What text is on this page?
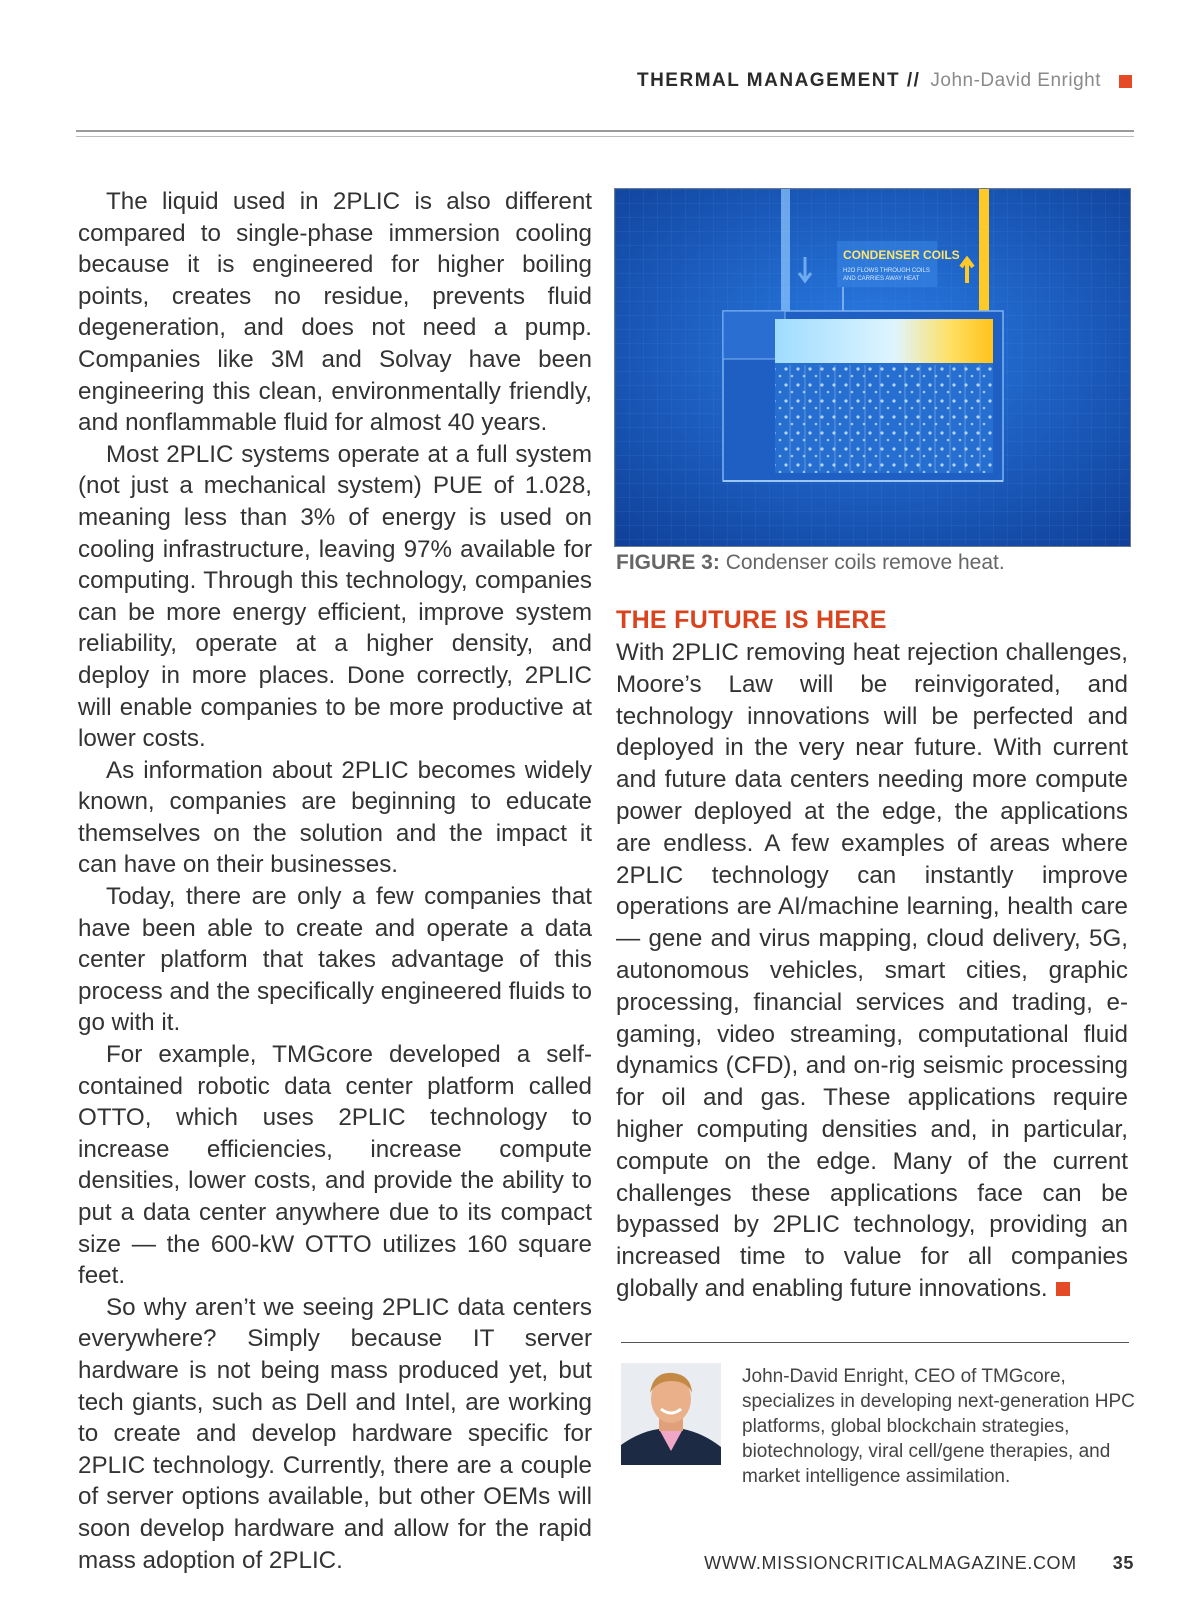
THERMAL MANAGEMENT // John-David Enright

The liquid used in 2PLIC is also different compared to single-phase immersion cooling because it is engineered for higher boiling points, creates no residue, prevents fluid degeneration, and does not need a pump. Companies like 3M and Solvay have been engineering this clean, environmentally friendly, and nonflammable fluid for almost 40 years.

Most 2PLIC systems operate at a full system (not just a mechanical system) PUE of 1.028, meaning less than 3% of energy is used on cooling infrastructure, leaving 97% available for computing. Through this technology, companies can be more energy efficient, improve system reliability, operate at a higher density, and deploy in more places. Done correctly, 2PLIC will enable companies to be more productive at lower costs.

As information about 2PLIC becomes widely known, companies are beginning to educate themselves on the solution and the impact it can have on their businesses.

Today, there are only a few companies that have been able to create and operate a data center platform that takes advantage of this process and the specifically engineered fluids to go with it.

For example, TMGcore developed a self-contained robotic data center platform called OTTO, which uses 2PLIC technology to increase efficiencies, increase compute densities, lower costs, and provide the ability to put a data center anywhere due to its compact size — the 600-kW OTTO utilizes 160 square feet.

So why aren’t we seeing 2PLIC data centers everywhere? Simply because IT server hardware is not being mass produced yet, but tech giants, such as Dell and Intel, are working to create and develop hardware specific for 2PLIC technology. Currently, there are a couple of server options available, but other OEMs will soon develop hardware and allow for the rapid mass adoption of 2PLIC.

CONDENSER COILS
H2O FLOWS THROUGH COILS
AND CARRIES AWAY HEAT
FIGURE 3: Condenser coils remove heat.
THE FUTURE IS HERE

With 2PLIC removing heat rejection challenges, Moore’s Law will be reinvigorated, and technology innovations will be perfected and deployed in the very near future. With current and future data centers needing more compute power deployed at the edge, the applications are endless. A few examples of areas where 2PLIC technology can instantly improve operations are AI/machine learning, health care — gene and virus mapping, cloud delivery, 5G, autonomous vehicles, smart cities, graphic processing, financial services and trading, e-gaming, video streaming, computational fluid dynamics (CFD), and on-rig seismic processing for oil and gas. These applications require higher computing densities and, in particular, compute on the edge. Many of the current challenges these applications face can be bypassed by 2PLIC technology, providing an increased time to value for all companies globally and enabling future innovations.

John-David Enright, CEO of TMGcore, specializes in developing next-generation HPC platforms, global blockchain strategies, biotechnology, viral cell/gene therapies, and market intelligence assimilation.
WWW.MISSIONCRITICALMAGAZINE.COM 35
